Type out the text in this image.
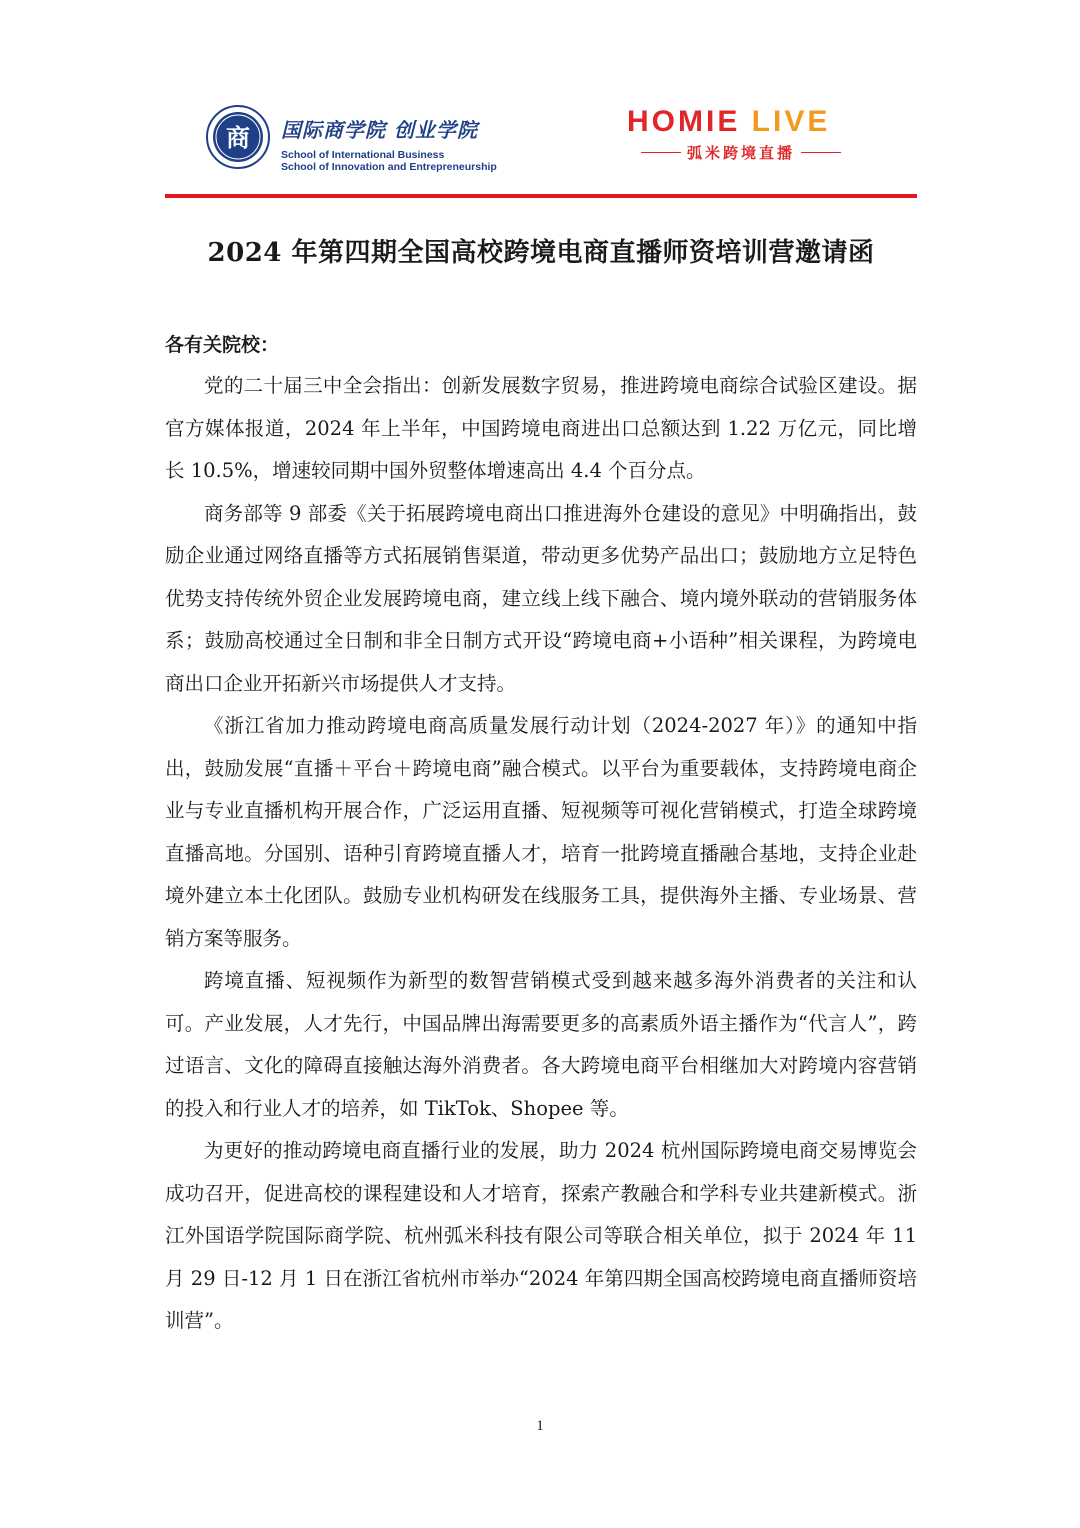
商 国际商学院 创业学院
School of International Business
School of Innovation and Entrepreneurship
HOMIE LIVE
弧米跨境直播
2024 年第四期全国高校跨境电商直播师资培训营邀请函
各有关院校：

党的二十届三中全会指出：创新发展数字贸易，推进跨境电商综合试验区建设。据官方媒体报道，2024 年上半年，中国跨境电商进出口总额达到 1.22 万亿元，同比增长 10.5%，增速较同期中国外贸整体增速高出 4.4 个百分点。

商务部等 9 部委《关于拓展跨境电商出口推进海外仓建设的意见》中明确指出，鼓励企业通过网络直播等方式拓展销售渠道，带动更多优势产品出口；鼓励地方立足特色优势支持传统外贸企业发展跨境电商，建立线上线下融合、境内境外联动的营销服务体系；鼓励高校通过全日制和非全日制方式开设“跨境电商+小语种”相关课程，为跨境电商出口企业开拓新兴市场提供人才支持。

《浙江省加力推动跨境电商高质量发展行动计划（2024-2027 年）》的通知中指出，鼓励发展“直播＋平台＋跨境电商”融合模式。以平台为重要载体，支持跨境电商企业与专业直播机构开展合作，广泛运用直播、短视频等可视化营销模式，打造全球跨境直播高地。分国别、语种引育跨境直播人才，培育一批跨境直播融合基地，支持企业赴境外建立本土化团队。鼓励专业机构研发在线服务工具，提供海外主播、专业场景、营销方案等服务。

跨境直播、短视频作为新型的数智营销模式受到越来越多海外消费者的关注和认可。产业发展，人才先行，中国品牌出海需要更多的高素质外语主播作为“代言人”，跨过语言、文化的障碍直接触达海外消费者。各大跨境电商平台相继加大对跨境内容营销的投入和行业人才的培养，如 TikTok、Shopee 等。

为更好的推动跨境电商直播行业的发展，助力 2024 杭州国际跨境电商交易博览会成功召开，促进高校的课程建设和人才培育，探索产教融合和学科专业共建新模式。浙江外国语学院国际商学院、杭州弧米科技有限公司等联合相关单位，拟于 2024 年 11 月 29 日-12 月 1 日在浙江省杭州市举办“2024 年第四期全国高校跨境电商直播师资培训营”。

1
